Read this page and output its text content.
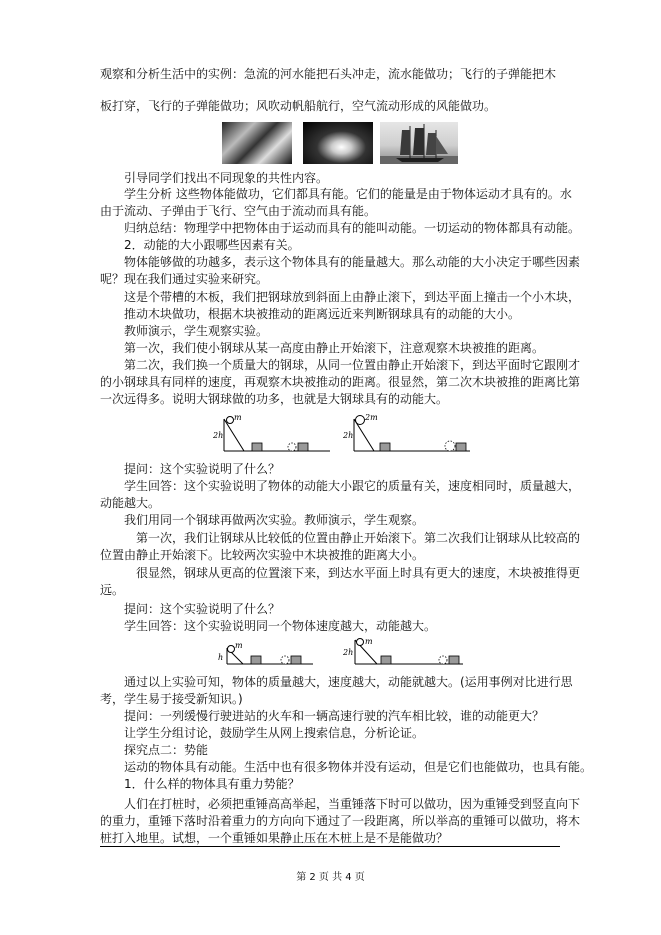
观察和分析生活中的实例：急流的河水能把石头冲走，流水能做功；飞行的子弹能把木
板打穿，飞行的子弹能做功；风吹动帆船航行，空气流动形成的风能做功。
引导同学们找出不同现象的共性内容。
学生分析 这些物体能做功，它们都具有能。它们的能量是由于物体运动才具有的。水
由于流动、子弹由于飞行、空气由于流动而具有能。
归纳总结：物理学中把物体由于运动而具有的能叫动能。一切运动的物体都具有动能。
2．动能的大小跟哪些因素有关。
物体能够做的功越多，表示这个物体具有的能量越大。那么动能的大小决定于哪些因素
呢？现在我们通过实验来研究。
这是个带槽的木板，我们把钢球放到斜面上由静止滚下，到达平面上撞击一个小木块，
推动木块做功，根据木块被推动的距离远近来判断钢球具有的动能的大小。
教师演示，学生观察实验。
第一次，我们使小钢球从某一高度由静止开始滚下，注意观察木块被推的距离。
第二次，我们换一个质量大的钢球，从同一位置由静止开始滚下，到达平面时它跟刚才
的小钢球具有同样的速度，再观察木块被推动的距离。很显然，第二次木块被推的距离比第
一次远得多。说明大钢球做的功多，也就是大钢球具有的动能大。
2h
m
2h
2m
提问：这个实验说明了什么？
学生回答：这个实验说明了物体的动能大小跟它的质量有关，速度相同时，质量越大，
动能越大。
我们用同一个钢球再做两次实验。教师演示，学生观察。
第一次，我们让钢球从比较低的位置由静止开始滚下。第二次我们让钢球从比较高的
位置由静止开始滚下。比较两次实验中木块被推的距离大小。
很显然，钢球从更高的位置滚下来，到达水平面上时具有更大的速度，木块被推得更
远。
提问：这个实验说明了什么？
学生回答：这个实验说明同一个物体速度越大，动能越大。
h
m
2h
m
通过以上实验可知，物体的质量越大，速度越大，动能就越大。(运用事例对比进行思
考，学生易于接受新知识。)
提问：一列缓慢行驶进站的火车和一辆高速行驶的汽车相比较，谁的动能更大？
让学生分组讨论，鼓励学生从网上搜索信息，分析论证。
探究点二：势能
运动的物体具有动能。生活中也有很多物体并没有运动，但是它们也能做功，也具有能。
1．什么样的物体具有重力势能？
人们在打桩时，必须把重锤高高举起，当重锤落下时可以做功，因为重锤受到竖直向下
的重力，重锤下落时沿着重力的方向向下通过了一段距离，所以举高的重锤可以做功，将木
桩打入地里。试想，一个重锤如果静止压在木桩上是不是能做功？
第 2 页 共 4 页
